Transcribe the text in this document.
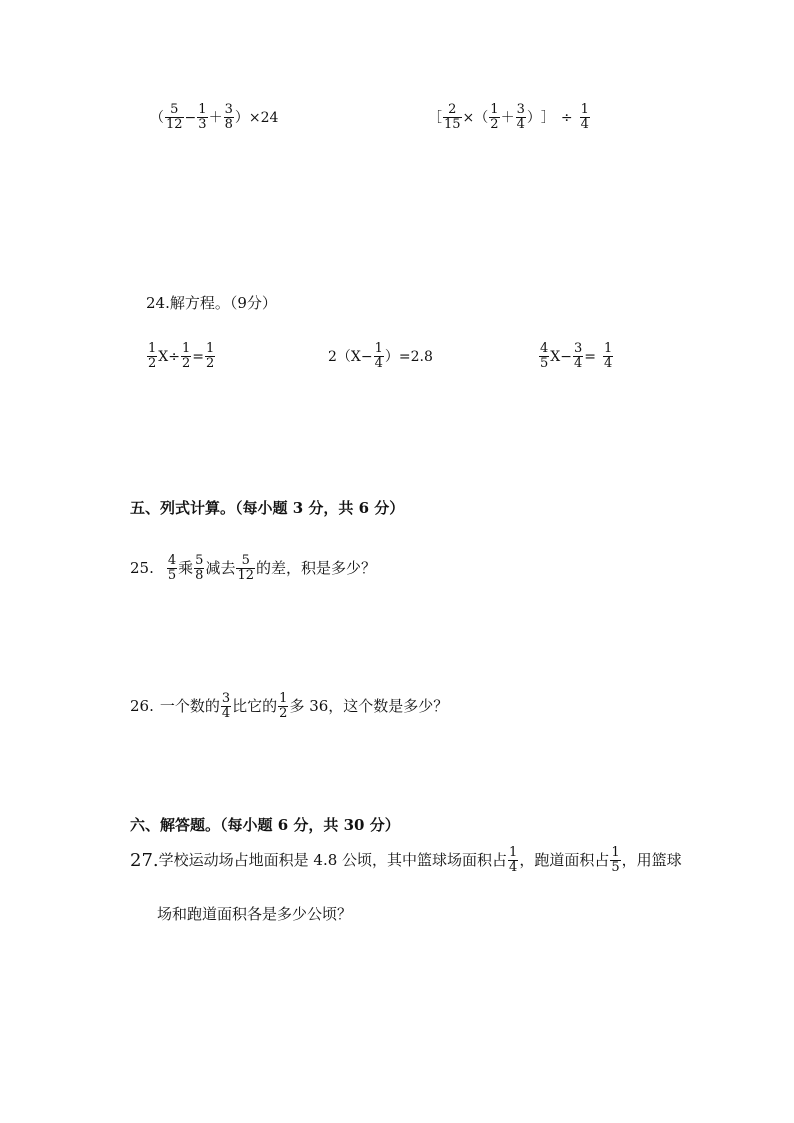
（ $\frac{5}{12} - \frac{1}{3} + \frac{3}{8}$ ） ×24	［ $\frac{2}{15}$ × （ $\frac{1}{2} + \frac{3}{4}$ ） ］ ÷ $\frac{1}{4}$
24.解方程。（9分）
$\frac{1}{2} X\div \frac{1}{2} = \frac{1}{2}$	$2(X- \frac{1}{4} )=2.8$	$\frac{4}{5} X- \frac{3}{4} = \frac{1}{4}$
五、列式计算。（每小题 3 分，共 6 分）
25. $\frac{4}{5}$ 乘 $\frac{5}{8}$ 减去 $\frac{5}{12}$ 的差，积是多少？
26. 一个数的 $\frac{3}{4}$ 比它的 $\frac{1}{2}$ 多 36，这个数是多少？
六、解答题。（每小题 6 分，共 30 分）
27. 学校运动场占地面积是 4.8 公顷，其中篮球场面积占 $\frac{1}{4}$ ，跑道面积占 $\frac{1}{5}$ ，用篮球
场和跑道面积各是多少公顷？
